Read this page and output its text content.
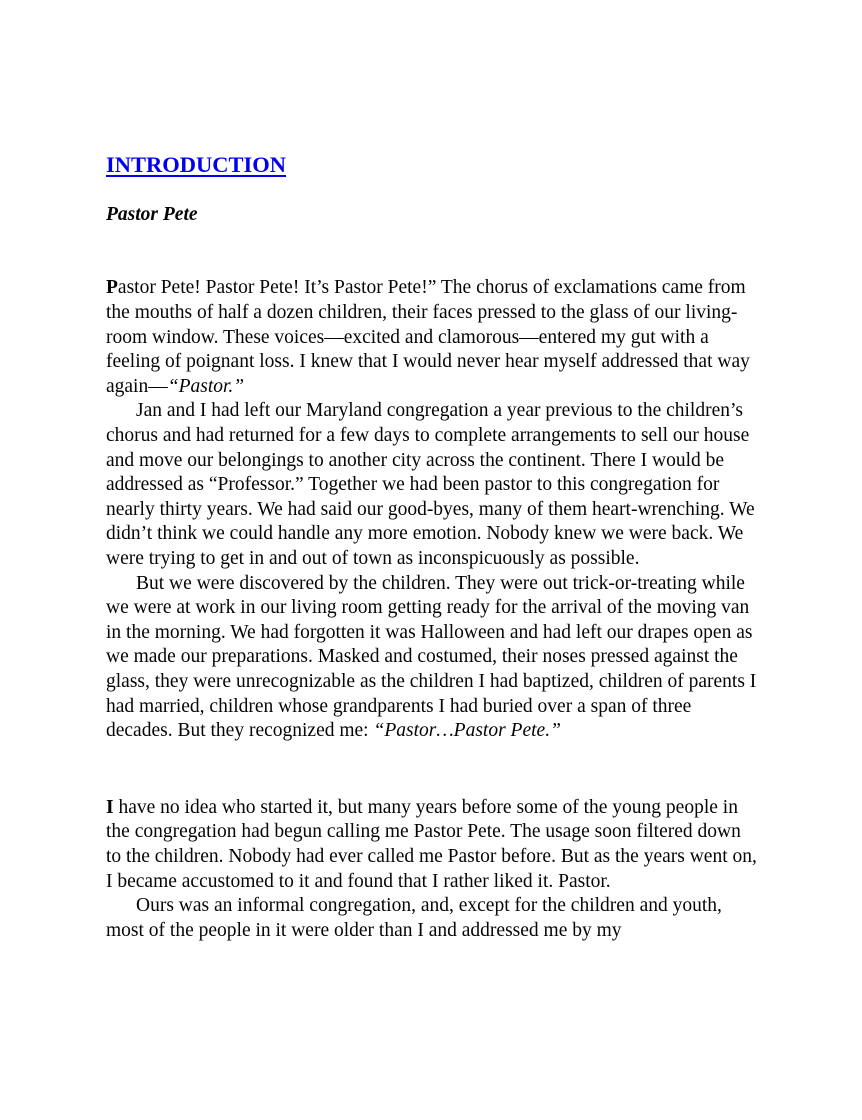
INTRODUCTION

Pastor Pete

Pastor Pete! Pastor Pete! It’s Pastor Pete!” The chorus of exclamations came from the mouths of half a dozen children, their faces pressed to the glass of our living-room window. These voices—excited and clamorous—entered my gut with a feeling of poignant loss. I knew that I would never hear myself addressed that way again—“Pastor.”

Jan and I had left our Maryland congregation a year previous to the children’s chorus and had returned for a few days to complete arrangements to sell our house and move our belongings to another city across the continent. There I would be addressed as “Professor.” Together we had been pastor to this congregation for nearly thirty years. We had said our good-byes, many of them heart-wrenching. We didn’t think we could handle any more emotion. Nobody knew we were back. We were trying to get in and out of town as inconspicuously as possible.

But we were discovered by the children. They were out trick-or-treating while we were at work in our living room getting ready for the arrival of the moving van in the morning. We had forgotten it was Halloween and had left our drapes open as we made our preparations. Masked and costumed, their noses pressed against the glass, they were unrecognizable as the children I had baptized, children of parents I had married, children whose grandparents I had buried over a span of three decades. But they recognized me: “Pastor…Pastor Pete.”

I have no idea who started it, but many years before some of the young people in the congregation had begun calling me Pastor Pete. The usage soon filtered down to the children. Nobody had ever called me Pastor before. But as the years went on, I became accustomed to it and found that I rather liked it. Pastor.

Ours was an informal congregation, and, except for the children and youth, most of the people in it were older than I and addressed me by my
